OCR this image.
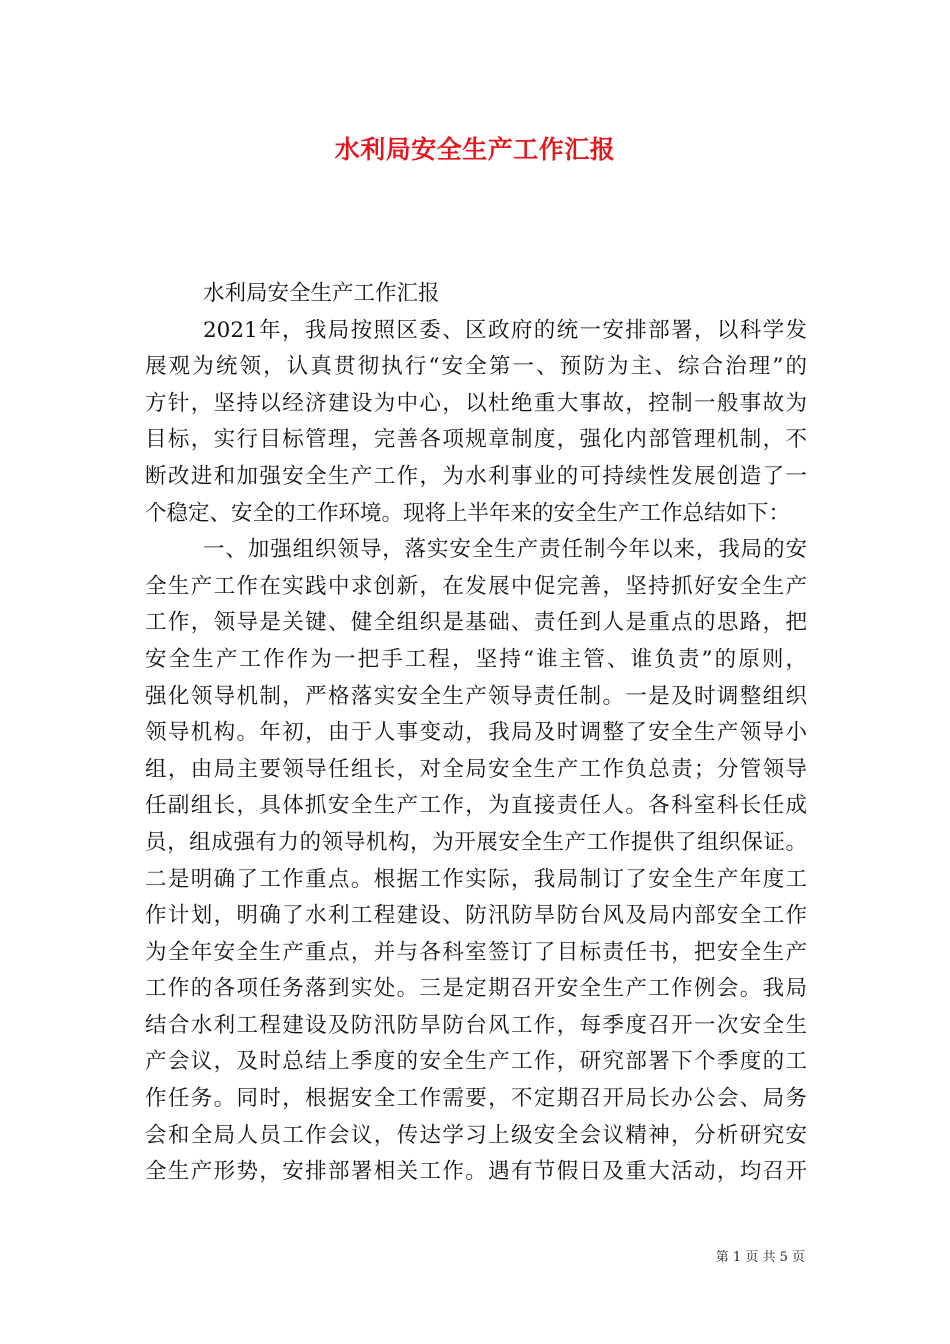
水利局安全生产工作汇报
水利局安全生产工作汇报
2021年，我局按照区委、区政府的统一安排部署，以科学发
展观为统领，认真贯彻执行“安全第一、预防为主、综合治理”的
方针，坚持以经济建设为中心，以杜绝重大事故，控制一般事故为
目标，实行目标管理，完善各项规章制度，强化内部管理机制，不
断改进和加强安全生产工作，为水利事业的可持续性发展创造了一
个稳定、安全的工作环境。现将上半年来的安全生产工作总结如下：
一、加强组织领导，落实安全生产责任制今年以来，我局的安
全生产工作在实践中求创新，在发展中促完善，坚持抓好安全生产
工作，领导是关键、健全组织是基础、责任到人是重点的思路，把
安全生产工作作为一把手工程，坚持“谁主管、谁负责”的原则，
强化领导机制，严格落实安全生产领导责任制。一是及时调整组织
领导机构。年初，由于人事变动，我局及时调整了安全生产领导小
组，由局主要领导任组长，对全局安全生产工作负总责；分管领导
任副组长，具体抓安全生产工作，为直接责任人。各科室科长任成
员，组成强有力的领导机构，为开展安全生产工作提供了组织保证。
二是明确了工作重点。根据工作实际，我局制订了安全生产年度工
作计划，明确了水利工程建设、防汛防旱防台风及局内部安全工作
为全年安全生产重点，并与各科室签订了目标责任书，把安全生产
工作的各项任务落到实处。三是定期召开安全生产工作例会。我局
结合水利工程建设及防汛防旱防台风工作，每季度召开一次安全生
产会议，及时总结上季度的安全生产工作，研究部署下个季度的工
作任务。同时，根据安全工作需要，不定期召开局长办公会、局务
会和全局人员工作会议，传达学习上级安全会议精神，分析研究安
全生产形势，安排部署相关工作。遇有节假日及重大活动，均召开
第 1 页 共 5 页
